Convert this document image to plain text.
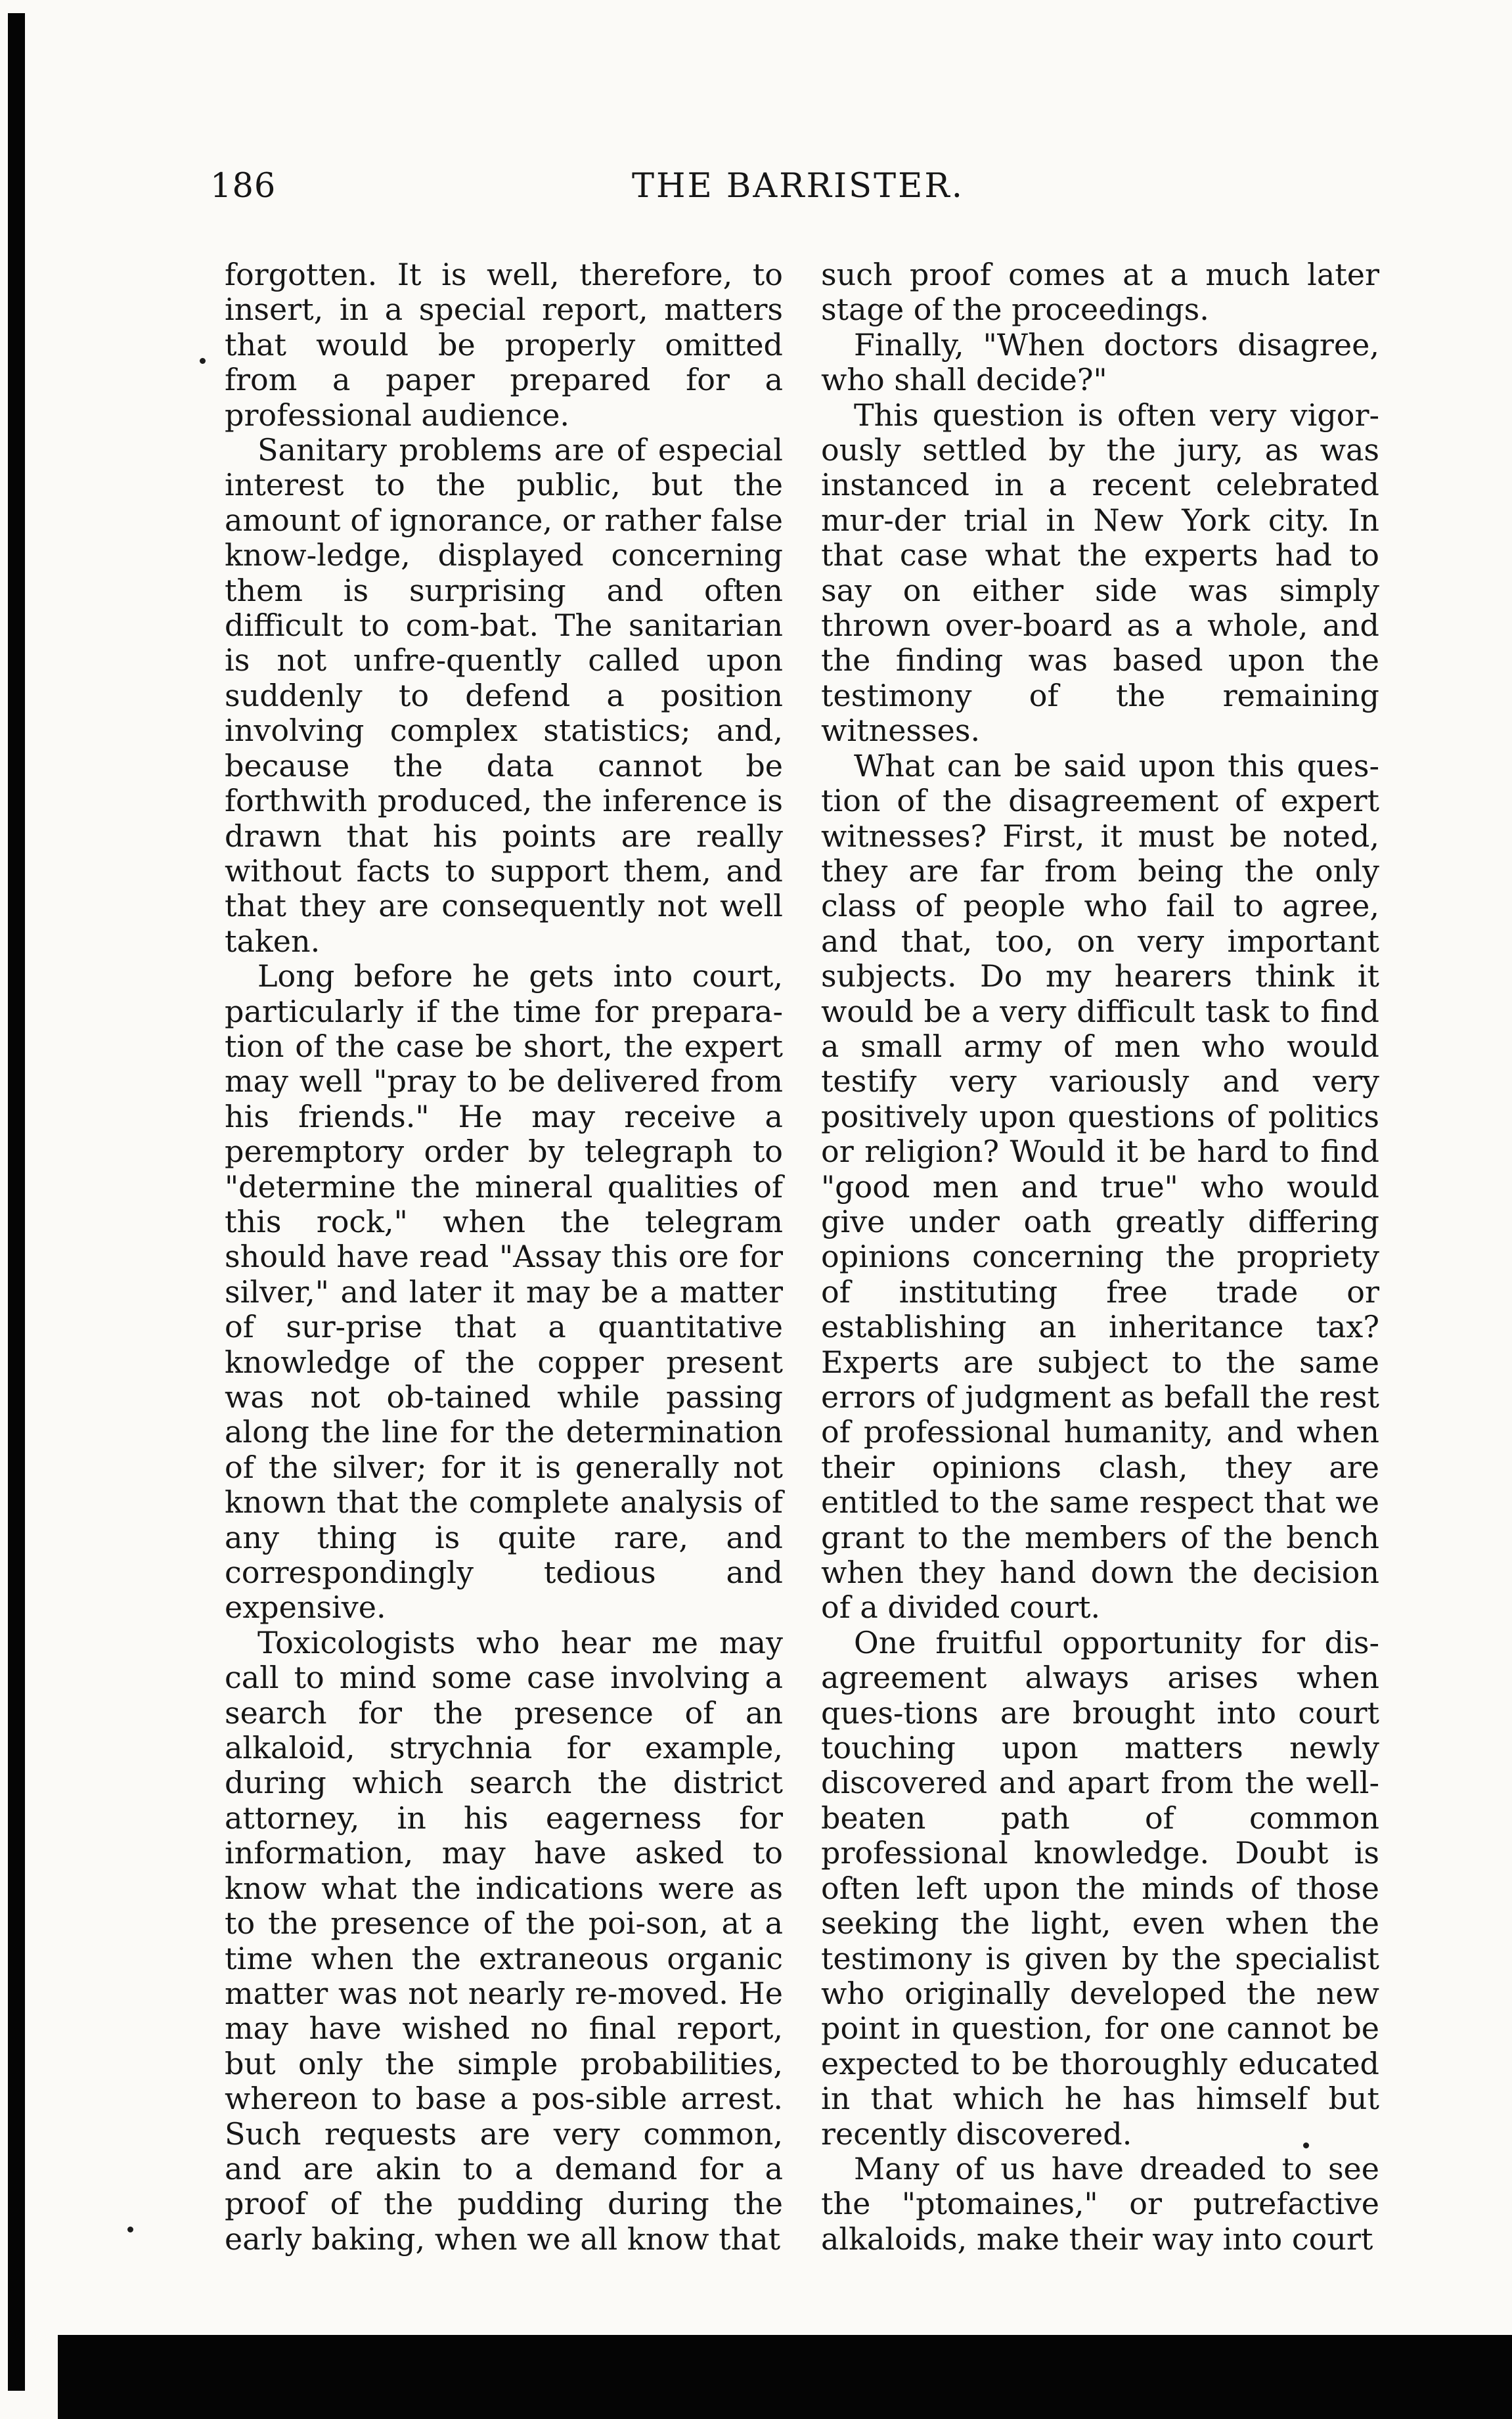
186	THE BARRISTER.

forgotten. It is well, therefore, to insert, in a special report, matters that would be properly omitted from a paper prepared for a professional audience.

Sanitary problems are of especial interest to the public, but the amount of ignorance, or rather false know-ledge, displayed concerning them is surprising and often difficult to com-bat. The sanitarian is not unfre-quently called upon suddenly to defend a position involving complex statistics; and, because the data cannot be forthwith produced, the inference is drawn that his points are really without facts to support them, and that they are consequently not well taken.

Long before he gets into court, particularly if the time for prepara-tion of the case be short, the expert may well "pray to be delivered from his friends." He may receive a peremptory order by telegraph to "determine the mineral qualities of this rock," when the telegram should have read "Assay this ore for silver," and later it may be a matter of sur-prise that a quantitative knowledge of the copper present was not ob-tained while passing along the line for the determination of the silver; for it is generally not known that the complete analysis of any thing is quite rare, and correspondingly tedious and expensive.

Toxicologists who hear me may call to mind some case involving a search for the presence of an alkaloid, strychnia for example, during which search the district attorney, in his eagerness for information, may have asked to know what the indications were as to the presence of the poi-son, at a time when the extraneous organic matter was not nearly re-moved. He may have wished no final report, but only the simple probabilities, whereon to base a pos-sible arrest. Such requests are very common, and are akin to a demand for a proof of the pudding during the early baking, when we all know that

such proof comes at a much later stage of the proceedings.

Finally, "When doctors disagree, who shall decide?"

This question is often very vigor-ously settled by the jury, as was instanced in a recent celebrated mur-der trial in New York city. In that case what the experts had to say on either side was simply thrown over-board as a whole, and the finding was based upon the testimony of the remaining witnesses.

What can be said upon this ques-tion of the disagreement of expert witnesses? First, it must be noted, they are far from being the only class of people who fail to agree, and that, too, on very important subjects. Do my hearers think it would be a very difficult task to find a small army of men who would testify very variously and very positively upon questions of politics or religion? Would it be hard to find "good men and true" who would give under oath greatly differing opinions concerning the propriety of instituting free trade or establishing an inheritance tax? Experts are subject to the same errors of judgment as befall the rest of professional humanity, and when their opinions clash, they are entitled to the same respect that we grant to the members of the bench when they hand down the decision of a divided court.

One fruitful opportunity for dis-agreement always arises when ques-tions are brought into court touching upon matters newly discovered and apart from the well-beaten path of common professional knowledge. Doubt is often left upon the minds of those seeking the light, even when the testimony is given by the specialist who originally developed the new point in question, for one cannot be expected to be thoroughly educated in that which he has himself but recently discovered.

Many of us have dreaded to see the "ptomaines," or putrefactive alkaloids, make their way into court
